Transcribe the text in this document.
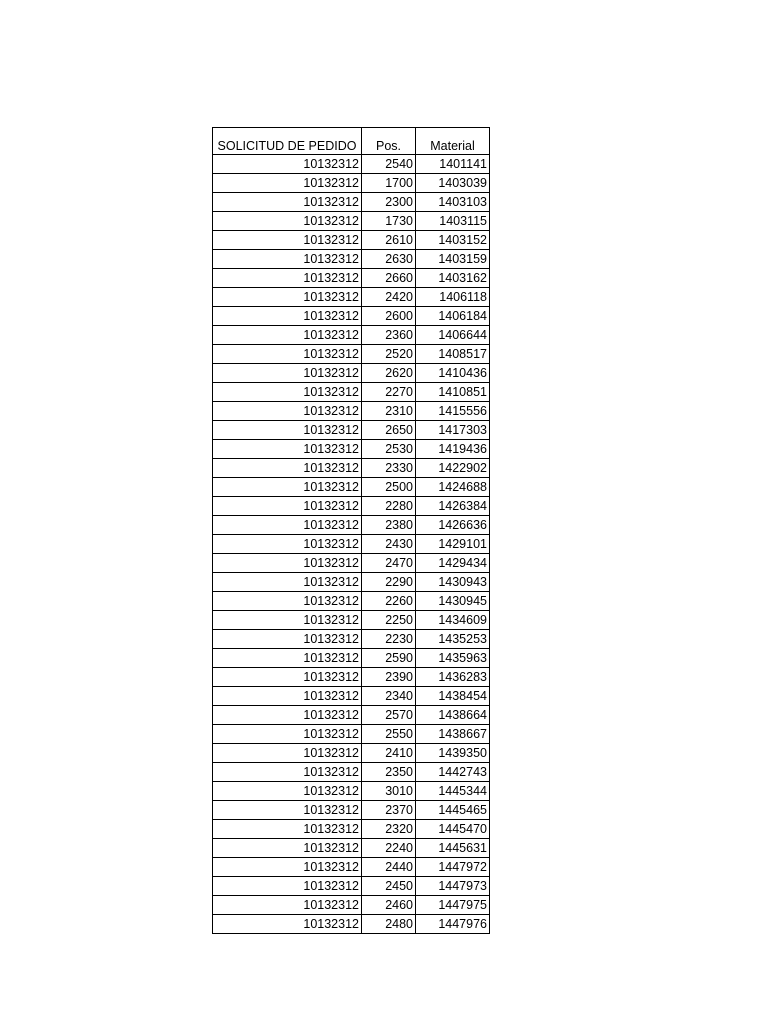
SOLICITUD DE PEDIDO	Pos.	Material
10132312	2540	1401141
10132312	1700	1403039
10132312	2300	1403103
10132312	1730	1403115
10132312	2610	1403152
10132312	2630	1403159
10132312	2660	1403162
10132312	2420	1406118
10132312	2600	1406184
10132312	2360	1406644
10132312	2520	1408517
10132312	2620	1410436
10132312	2270	1410851
10132312	2310	1415556
10132312	2650	1417303
10132312	2530	1419436
10132312	2330	1422902
10132312	2500	1424688
10132312	2280	1426384
10132312	2380	1426636
10132312	2430	1429101
10132312	2470	1429434
10132312	2290	1430943
10132312	2260	1430945
10132312	2250	1434609
10132312	2230	1435253
10132312	2590	1435963
10132312	2390	1436283
10132312	2340	1438454
10132312	2570	1438664
10132312	2550	1438667
10132312	2410	1439350
10132312	2350	1442743
10132312	3010	1445344
10132312	2370	1445465
10132312	2320	1445470
10132312	2240	1445631
10132312	2440	1447972
10132312	2450	1447973
10132312	2460	1447975
10132312	2480	1447976
